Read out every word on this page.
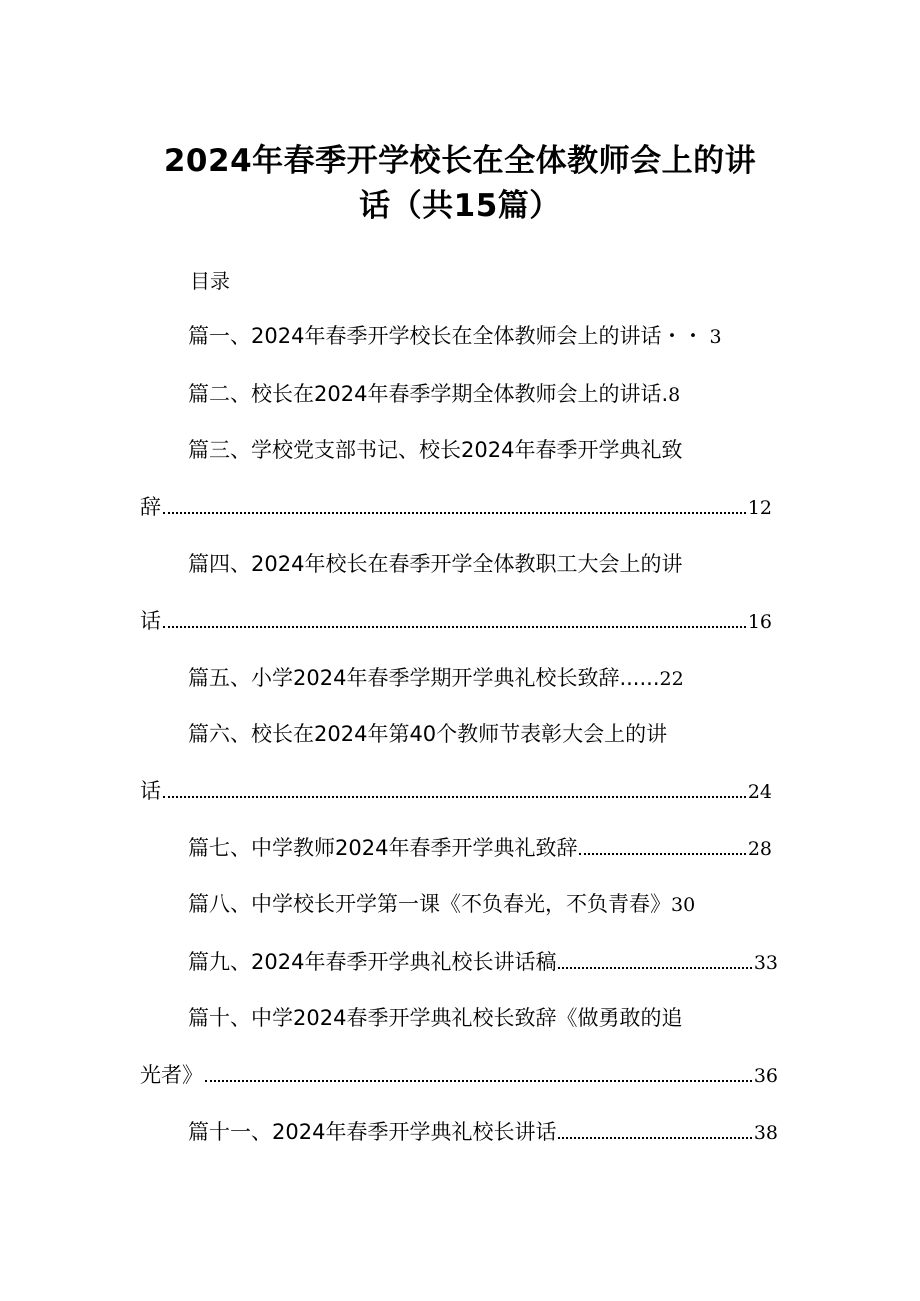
2024年春季开学校长在全体教师会上的讲
话（共15篇）
目录
篇一、2024年春季开学校长在全体教师会上的讲话・・ 3
篇二、校长在2024年春季学期全体教师会上的讲话. 8
篇三、学校党支部书记、校长2024年春季开学典礼致
辞	12
篇四、2024年校长在春季开学全体教职工大会上的讲
话	16
篇五、小学2024年春季学期开学典礼校长致辞...... 22
篇六、校长在2024年第40个教师节表彰大会上的讲
话	24
篇七、中学教师2024年春季开学典礼致辞	28
篇八、中学校长开学第一课《不负春光，不负青春》 30
篇九、2024年春季开学典礼校长讲话稿	33
篇十、中学2024春季开学典礼校长致辞《做勇敢的追
光者》	36
篇十一、2024年春季开学典礼校长讲话	38
